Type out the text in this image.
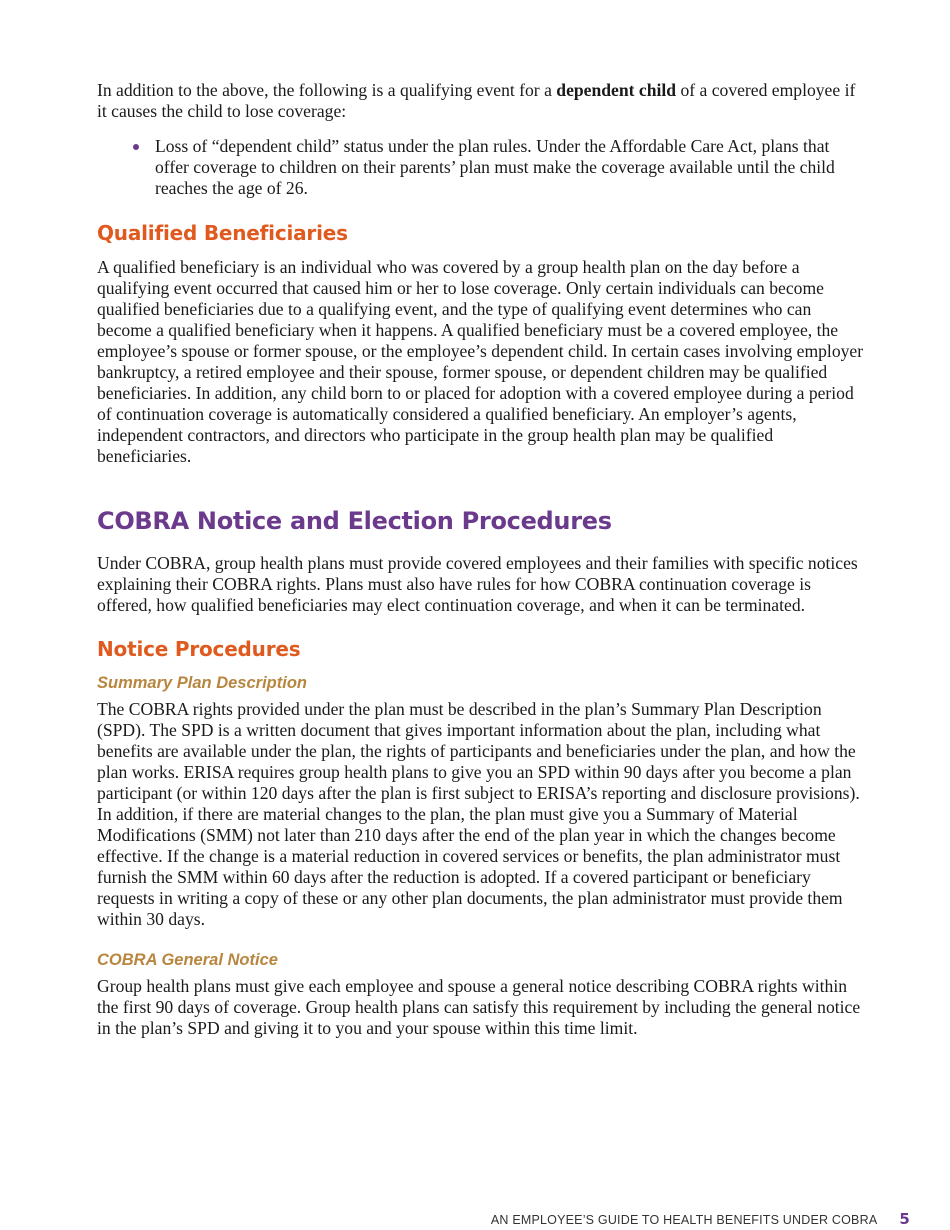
In addition to the above, the following is a qualifying event for a dependent child of a covered employee if it causes the child to lose coverage:

Loss of “dependent child” status under the plan rules. Under the Affordable Care Act, plans that offer coverage to children on their parents’ plan must make the coverage available until the child reaches the age of 26.
Qualified Beneficiaries

A qualified beneficiary is an individual who was covered by a group health plan on the day before a qualifying event occurred that caused him or her to lose coverage. Only certain individuals can become qualified beneficiaries due to a qualifying event, and the type of qualifying event determines who can become a qualified beneficiary when it happens. A qualified beneficiary must be a covered employee, the employee’s spouse or former spouse, or the employee’s dependent child. In certain cases involving employer bankruptcy, a retired employee and their spouse, former spouse, or dependent children may be qualified beneficiaries. In addition, any child born to or placed for adoption with a covered employee during a period of continuation coverage is automatically considered a qualified beneficiary. An employer’s agents, independent contractors, and directors who participate in the group health plan may be qualified beneficiaries.

COBRA Notice and Election Procedures

Under COBRA, group health plans must provide covered employees and their families with specific notices explaining their COBRA rights. Plans must also have rules for how COBRA continuation coverage is offered, how qualified beneficiaries may elect continuation coverage, and when it can be terminated.

Notice Procedures
Summary Plan Description

The COBRA rights provided under the plan must be described in the plan’s Summary Plan Description (SPD). The SPD is a written document that gives important information about the plan, including what benefits are available under the plan, the rights of participants and beneficiaries under the plan, and how the plan works. ERISA requires group health plans to give you an SPD within 90 days after you become a plan participant (or within 120 days after the plan is first subject to ERISA’s reporting and disclosure provisions). In addition, if there are material changes to the plan, the plan must give you a Summary of Material Modifications (SMM) not later than 210 days after the end of the plan year in which the changes become effective. If the change is a material reduction in covered services or benefits, the plan administrator must furnish the SMM within 60 days after the reduction is adopted. If a covered participant or beneficiary requests in writing a copy of these or any other plan documents, the plan administrator must provide them within 30 days.

COBRA General Notice

Group health plans must give each employee and spouse a general notice describing COBRA rights within the first 90 days of coverage. Group health plans can satisfy this requirement by including the general notice in the plan’s SPD and giving it to you and your spouse within this time limit.

AN EMPLOYEE’S GUIDE TO HEALTH BENEFITS UNDER COBRA 5
